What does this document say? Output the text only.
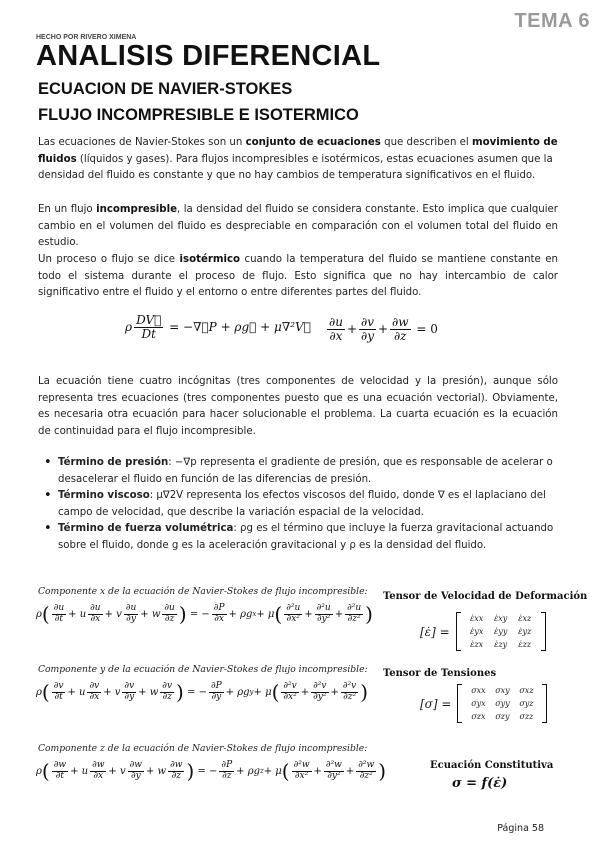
TEMA 6
HECHO POR RIVERO XIMENA
ANALISIS DIFERENCIAL
ECUACION DE NAVIER-STOKES
FLUJO INCOMPRESIBLE E ISOTERMICO
Las ecuaciones de Navier-Stokes son un conjunto de ecuaciones que describen el movimiento de fluidos (líquidos y gases). Para flujos incompresibles e isotérmicos, estas ecuaciones asumen que la densidad del fluido es constante y que no hay cambios de temperatura significativos en el fluido.
En un flujo incompresible, la densidad del fluido se considera constante. Esto implica que cualquier cambio en el volumen del fluido es despreciable en comparación con el volumen total del fluido en estudio.
Un proceso o flujo se dice isotérmico cuando la temperatura del fluido se mantiene constante en todo el sistema durante el proceso de flujo. Esto significa que no hay intercambio de calor significativo entre el fluido y el entorno o entre diferentes partes del fluido.
ρ $\frac{DV⃗}{Dt}$ = − ∇⃗P + ρg⃗ + μ∇²V⃗ $\frac{\partial u}{\partial x} + \frac{\partial v}{\partial y} + \frac{\partial w}{\partial z} = 0$
La ecuación tiene cuatro incógnitas (tres componentes de velocidad y la presión), aunque sólo representa tres ecuaciones (tres componentes puesto que es una ecuación vectorial). Obviamente, es necesaria otra ecuación para hacer solucionable el problema. La cuarta ecuación es la ecuación de continuidad para el flujo incompresible.
• Término de presión: −∇p representa el gradiente de presión, que es responsable de acelerar o desacelerar el fluido en función de las diferencias de presión.
• Término viscoso: μ∇2V representa los efectos viscosos del fluido, donde ∇ es el laplaciano del campo de velocidad, que describe la variación espacial de la velocidad.
• Término de fuerza volumétrica: ρg es el término que incluye la fuerza gravitacional actuando sobre el fluido, donde g es la aceleración gravitacional y ρ es la densidad del fluido.
Componente x de la ecuación de Navier-Stokes de flujo incompresible:
ρ ( $\frac{\partial u}{\partial t} + u \frac{\partial u}{\partial x} + v \frac{\partial u}{\partial y} + w \frac{\partial u}{\partial z}$ ) = − $\frac{\partial P}{\partial x} + \rho g$ x + μ ( $\frac{\text{∂²u}}{\text{∂x²}} + \frac{\text{∂²u}}{\text{∂y²}} + \frac{\text{∂²u}}{\text{∂z²}}$ )
Componente y de la ecuación de Navier-Stokes de flujo incompresible:
ρ ( $\frac{\partial v}{\partial t} + u \frac{\partial v}{\partial x} + v \frac{\partial v}{\partial y} + w \frac{\partial v}{\partial z}$ ) = − $\frac{\partial P}{\partial y} + \rho g$ y + μ ( $\frac{\text{∂²v}}{\text{∂x²}} + \frac{\text{∂²v}}{\text{∂y²}} + \frac{\text{∂²v}}{\text{∂z²}}$ )
Componente z de la ecuación de Navier-Stokes de flujo incompresible:
ρ ( $\frac{\partial w}{\partial t} + u \frac{\partial w}{\partial x} + v \frac{\partial w}{\partial y} + w \frac{\partial w}{\partial z}$ ) = − $\frac{\partial P}{\partial z} + \rho g$ z + μ ( $\frac{\text{∂²w}}{\text{∂x²}} + \frac{\text{∂²w}}{\text{∂y²}} + \frac{\text{∂²w}}{\text{∂z²}}$ )
Tensor de Velocidad de Deformación
[ε̇] =
ε̇xx	ε̇xy	ε̇xz
ε̇yx	ε̇yy	ε̇yz
ε̇zx	ε̇zy	ε̇zz
Tensor de Tensiones
[σ] =
σxx	σxy	σxz
σyx	σyy	σyz
σzx	σzy	σzz
Ecuación Constitutiva
σ = f(ε̇)
Página 58
